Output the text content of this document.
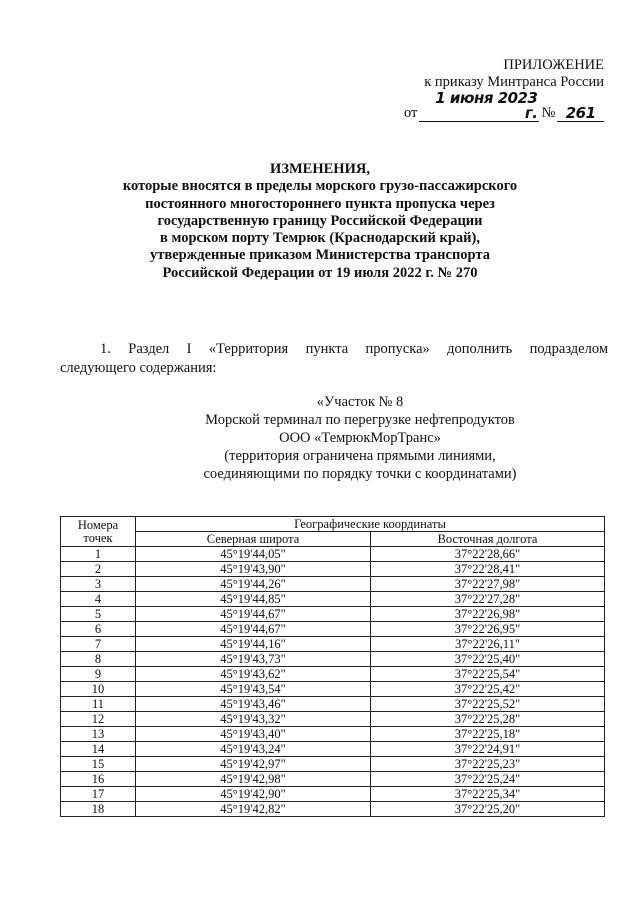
ПРИЛОЖЕНИЕ
к приказу Минтранса России
от
1 июня 2023 г. № 261
ИЗМЕНЕНИЯ,
которые вносятся в пределы морского грузо-пассажирского
постоянного многостороннего пункта пропуска через
государственную границу Российской Федерации
в морском порту Темрюк (Краснодарский край),
утвержденные приказом Министерства транспорта
Российской Федерации от 19 июля 2022 г. № 270
1. Раздел I «Территория пункта пропуска» дополнить подразделом
следующего содержания:
«Участок № 8
Морской терминал по перегрузке нефтепродуктов
ООО «ТемрюкМорТранс»
(территория ограничена прямыми линиями,
соединяющими по порядку точки с координатами)
Номера
точек	Географические координаты	
	Северная широта	Восточная долгота
1	45°19'44,05"	37°22'28,66"
2	45°19'43,90"	37°22'28,41"
3	45°19'44,26"	37°22'27,98"
4	45°19'44,85"	37°22'27,28"
5	45°19'44,67"	37°22'26,98"
6	45°19'44,67"	37°22'26,95"
7	45°19'44,16"	37°22'26,11"
8	45°19'43,73"	37°22'25,40"
9	45°19'43,62"	37°22'25,54"
10	45°19'43,54"	37°22'25,42"
11	45°19'43,46"	37°22'25,52"
12	45°19'43,32"	37°22'25,28"
13	45°19'43,40"	37°22'25,18"
14	45°19'43,24"	37°22'24,91"
15	45°19'42,97"	37°22'25,23"
16	45°19'42,98"	37°22'25,24"
17	45°19'42,90"	37°22'25,34"
18	45°19'42,82"	37°22'25,20"
